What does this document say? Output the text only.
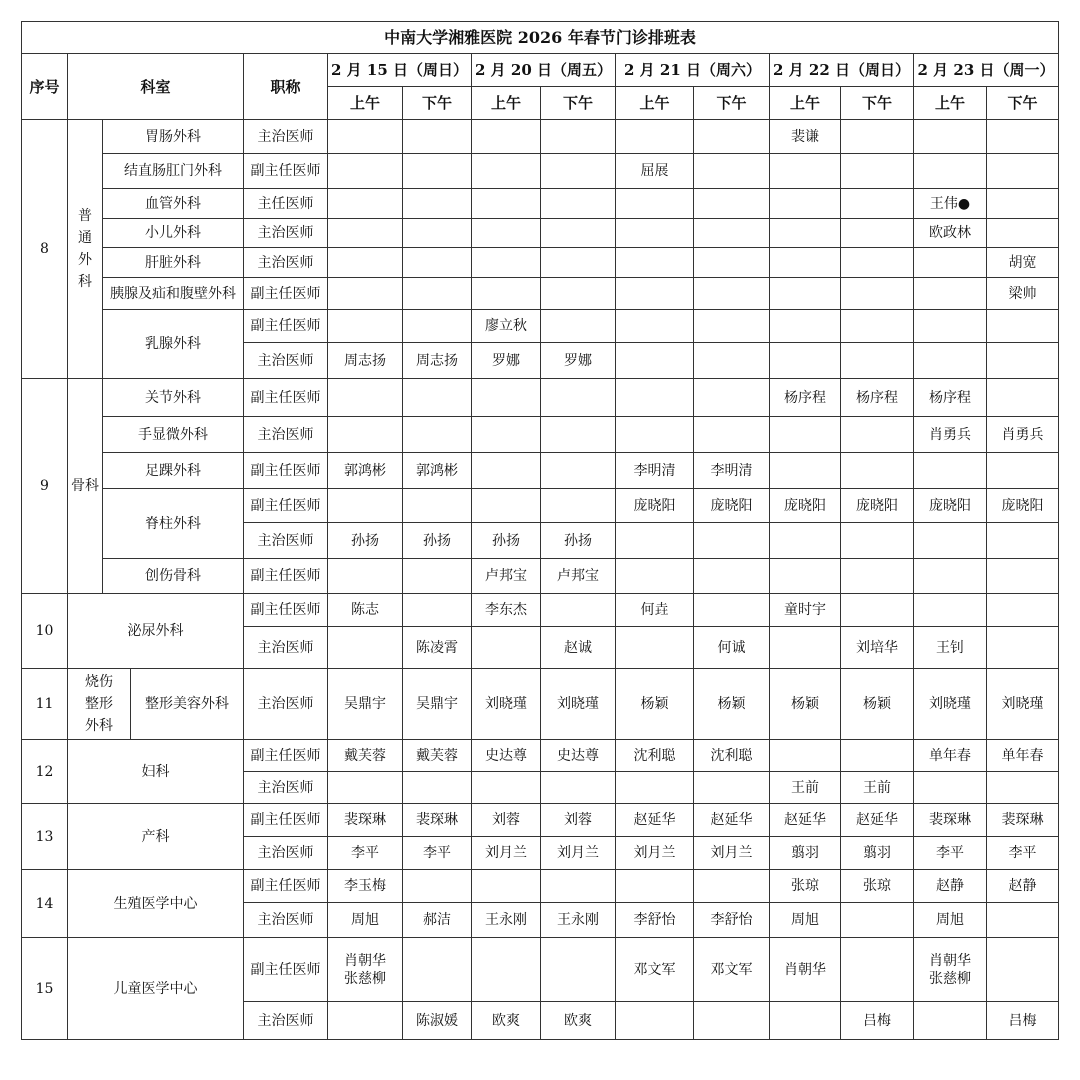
中南大学湘雅医院 2026 年春节门诊排班表														
序号	科室			职称	2 月 15 日（周日）		2 月 20 日（周五）		2 月 21 日（周六）		2 月 22 日（周日）		2 月 23 日（周一）	
					上午	下午	上午	下午	上午	下午	上午	下午	上午	下午
8	普
通
外
科	胃肠外科		主治医师							裴谦			
		结直肠肛门外科		副主任医师					屈展					
		血管外科		主任医师									王伟●	
		小儿外科		主治医师									欧政林	
		肝脏外科		主治医师										胡宽
		胰腺及疝和腹壁外科		副主任医师										梁帅
		乳腺外科		副主任医师			廖立秋							
				主治医师	周志扬	周志扬	罗娜	罗娜						
9	骨科	关节外科		副主任医师							杨序程	杨序程	杨序程	
		手显微外科		主治医师									肖勇兵	肖勇兵
		足踝外科		副主任医师	郭鸿彬	郭鸿彬			李明清	李明清				
		脊柱外科		副主任医师					庞晓阳	庞晓阳	庞晓阳	庞晓阳	庞晓阳	庞晓阳
				主治医师	孙扬	孙扬	孙扬	孙扬						
		创伤骨科		副主任医师			卢邦宝	卢邦宝						
10	泌尿外科			副主任医师	陈志		李东杰		何垚		童时宇			
				主治医师		陈凌霄		赵诚		何诚		刘培华	王钊	
11	烧伤
整形
外科		整形美容外科	主治医师	吴鼎宇	吴鼎宇	刘晓瑾	刘晓瑾	杨颖	杨颖	杨颖	杨颖	刘晓瑾	刘晓瑾
12	妇科			副主任医师	戴芙蓉	戴芙蓉	史达尊	史达尊	沈利聪	沈利聪			单年春	单年春
				主治医师							王前	王前		
13	产科			副主任医师	裴琛琳	裴琛琳	刘蓉	刘蓉	赵延华	赵延华	赵延华	赵延华	裴琛琳	裴琛琳
				主治医师	李平	李平	刘月兰	刘月兰	刘月兰	刘月兰	翦羽	翦羽	李平	李平
14	生殖医学中心			副主任医师	李玉梅						张琼	张琼	赵静	赵静
				主治医师	周旭	郝洁	王永刚	王永刚	李舒怡	李舒怡	周旭		周旭	
15	儿童医学中心			副主任医师	肖朝华
张慈柳				邓文军	邓文军	肖朝华		肖朝华
张慈柳	
				主治医师		陈淑媛	欧爽	欧爽				吕梅		吕梅
